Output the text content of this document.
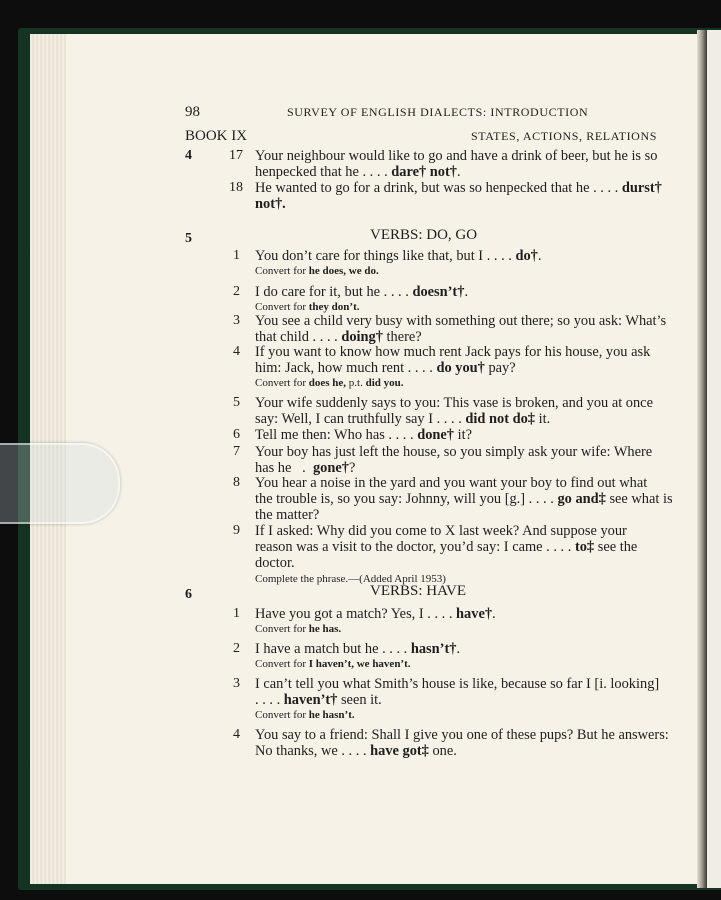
98	SURVEY OF ENGLISH DIALECTS: INTRODUCTION
BOOK IX	STATES, ACTIONS, RELATIONS
4	17 Your neighbour would like to go and have a drink of beer, but he is so
henpecked that he . . . . dare† not†.
18 He wanted to go for a drink, but was so henpecked that he . . . . durst†
not†.
5	VERBS: DO, GO
1 You don’t care for things like that, but I . . . . do†.
Convert for he does, we do.
2 I do care for it, but he . . . . doesn’t†.
Convert for they don’t.
3 You see a child very busy with something out there; so you ask: What’s
that child . . . . doing† there?
4 If you want to know how much rent Jack pays for his house, you ask
him: Jack, how much rent . . . . do you† pay?
Convert for does he, p.t. did you.
5 Your wife suddenly says to you: This vase is broken, and you at once
say: Well, I can truthfully say I . . . . did not do‡ it.
6 Tell me then: Who has . . . . done† it?
7 Your boy has just left the house, so you simply ask your wife: Where
has he   .  gone†?
8 You hear a noise in the yard and you want your boy to find out what
the trouble is, so you say: Johnny, will you [g.] . . . . go and‡ see what is
the matter?
9 If I asked: Why did you come to X last week? And suppose your
reason was a visit to the doctor, you’d say: I came . . . . to‡ see the
doctor.
Complete the phrase.—(Added April 1953)
6	VERBS: HAVE
1 Have you got a match? Yes, I . . . . have†.
Convert for he has.
2 I have a match but he . . . . hasn’t†.
Convert for I haven’t, we haven’t.
3 I can’t tell you what Smith’s house is like, because so far I [i. looking]
. . . . haven’t† seen it.
Convert for he hasn’t.
4 You say to a friend: Shall I give you one of these pups? But he answers:
No thanks, we . . . . have got‡ one.
